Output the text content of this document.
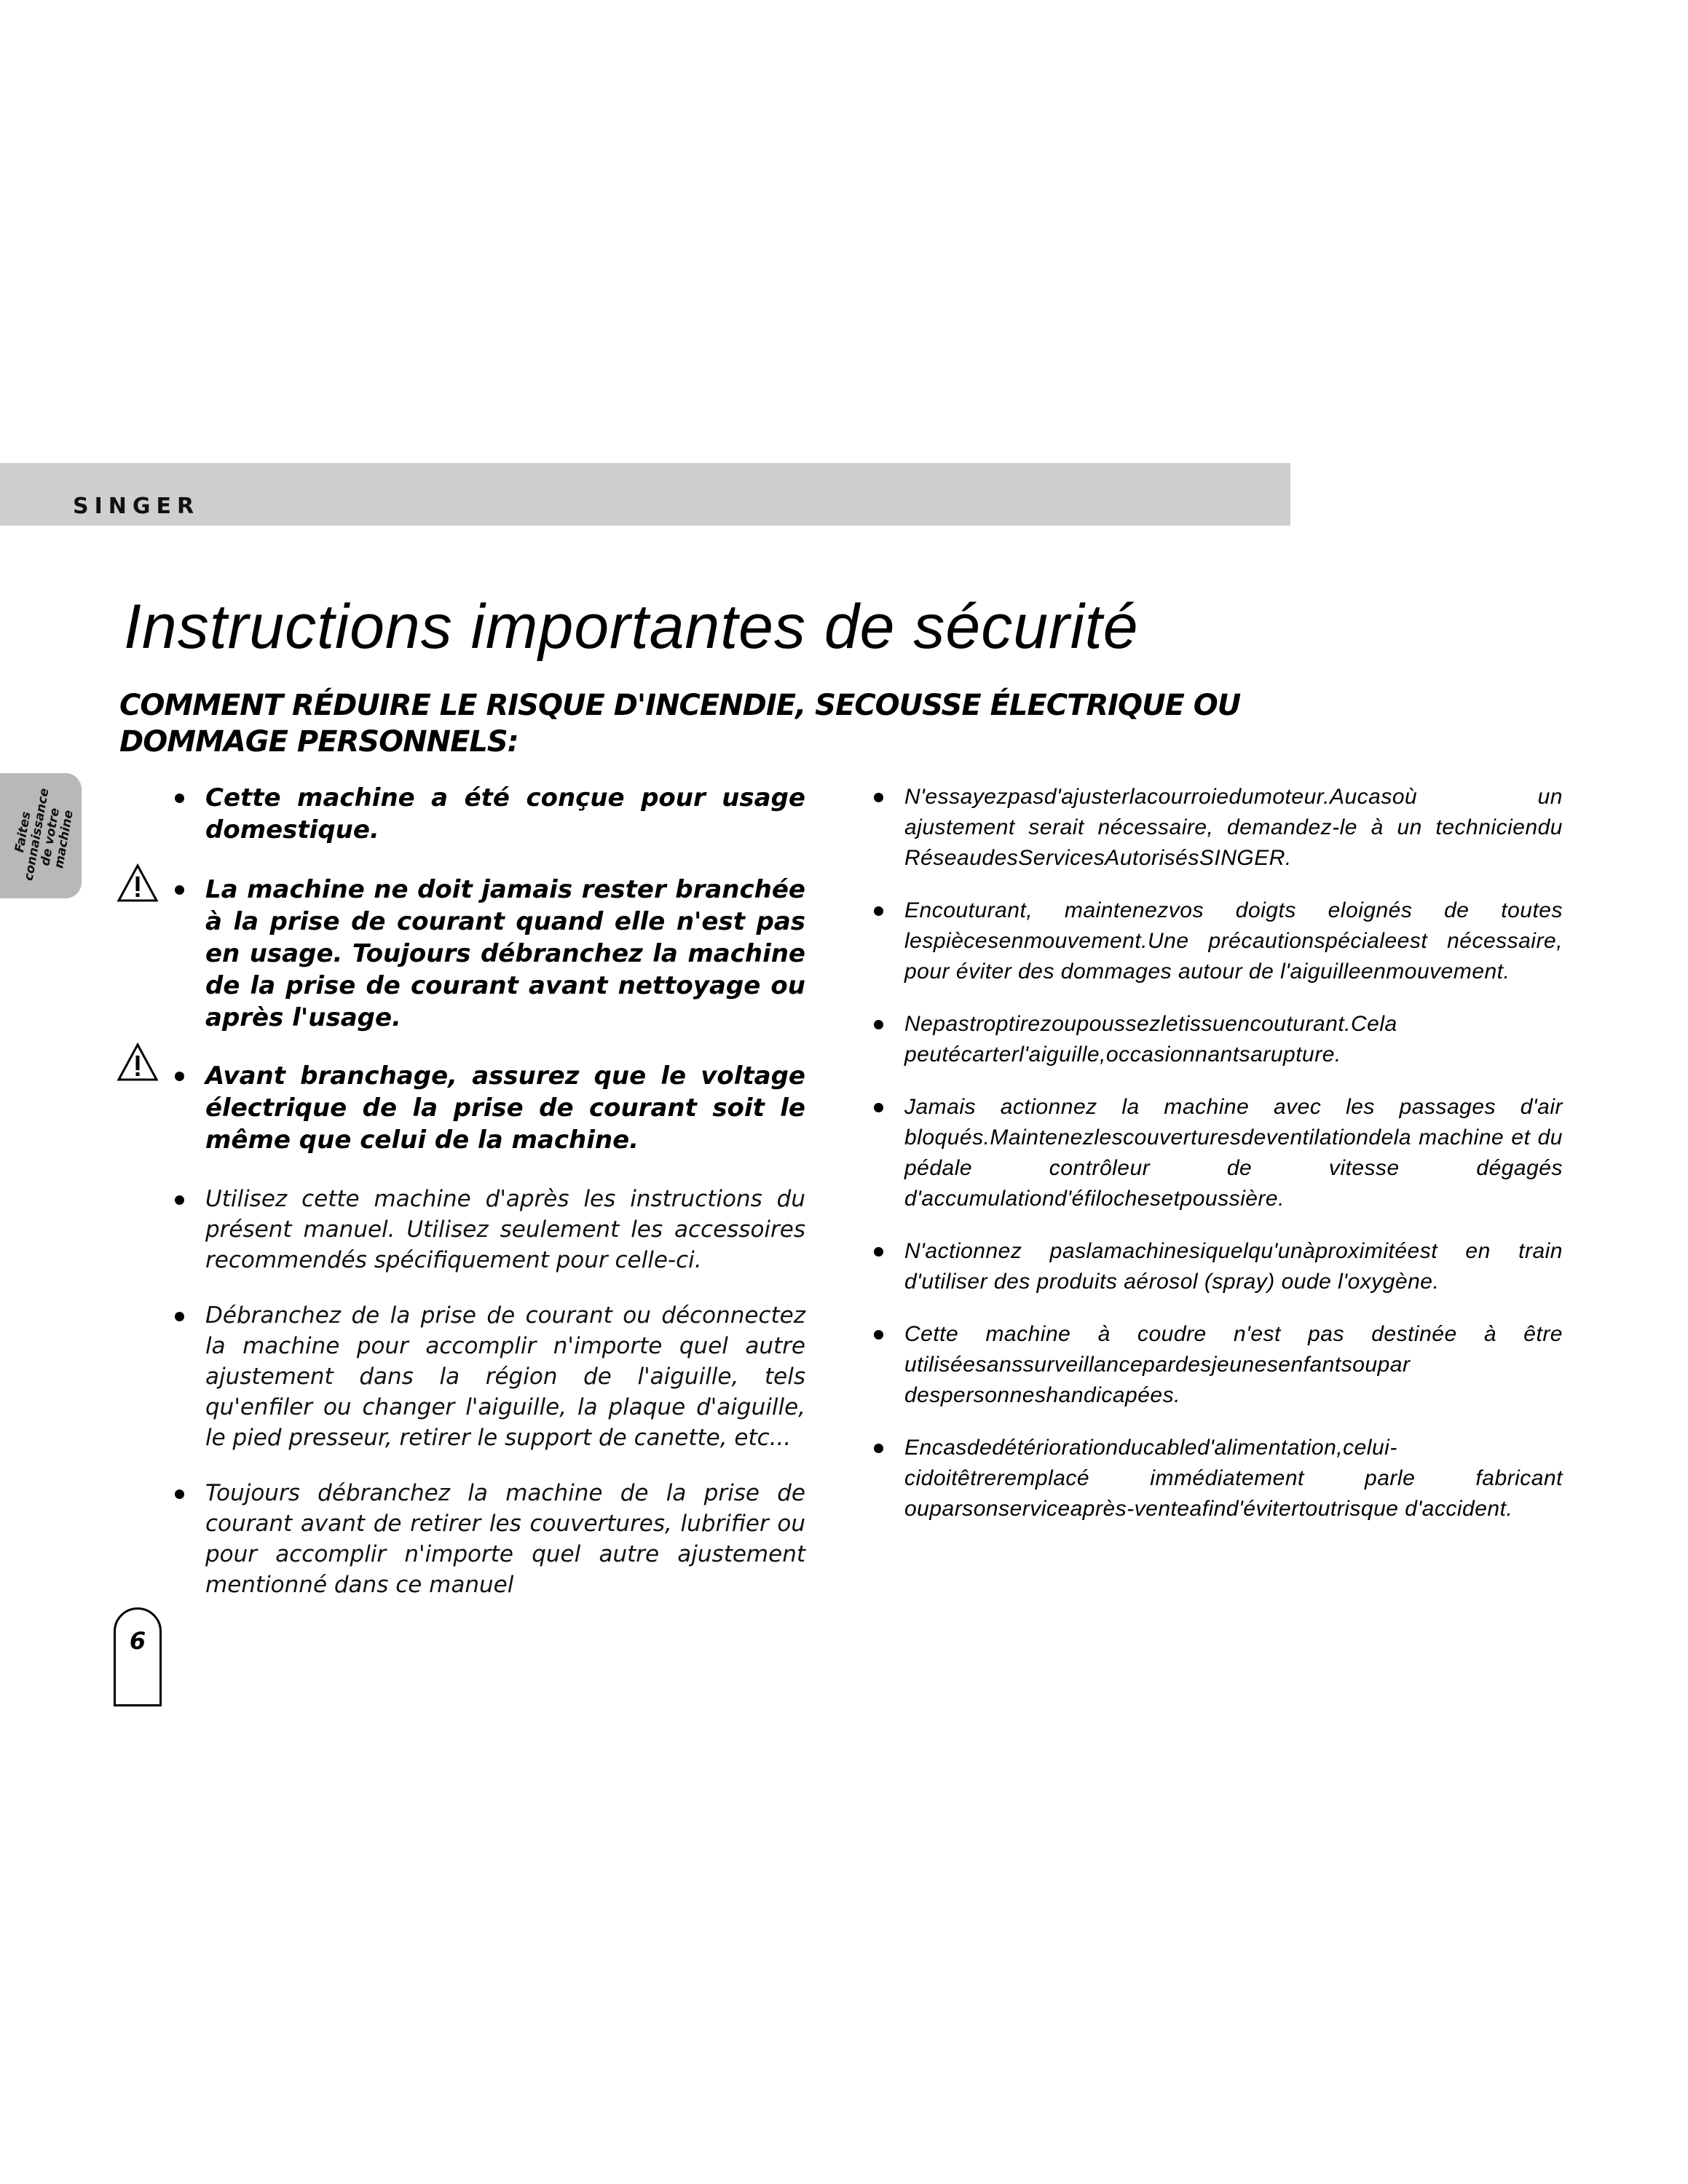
SINGER
Faites
connaissance
de votre
machine
Instructions importantes de sécurité
COMMENT RÉDUIRE LE RISQUE D'INCENDIE, SECOUSSE ÉLECTRIQUE OU DOMMAGE PERSONNELS:
Cette machine a été conçue pour usage domestique.
La machine ne doit jamais rester branchée à la prise de courant quand elle n'est pas en usage. Toujours débranchez la machine de la prise de courant avant nettoyage ou après l'usage.
Avant branchage, assurez que le voltage électrique de la prise de courant soit le même que celui de la machine.
Utilisez cette machine d'après les instructions du présent manuel. Utilisez seulement les accessoires recommendés spécifiquement pour celle-ci.
Débranchez de la prise de courant ou déconnectez la machine pour accomplir n'importe quel autre ajustement dans la région de l'aiguille, tels qu'enfiler ou changer l'aiguille, la plaque d'aiguille, le pied presseur, retirer le support de canette, etc...
Toujours débranchez la machine de la prise de courant avant de retirer les couvertures, lubrifier ou pour accomplir n'importe quel autre ajustement mentionné dans ce manuel
N'essayezpasd'ajusterlacourroiedumoteur.Aucasoù un ajustement serait nécessaire, demandez-le à un techniciendu RéseaudesServicesAutorisésSINGER.
Encouturant, maintenezvos doigts eloignés de toutes lespiècesenmouvement.Une précautionspécialeest nécessaire, pour éviter des dommages autour de l'aiguilleenmouvement.
Nepastroptirezoupoussezletissuencouturant.Cela peutécarterl'aiguille,occasionnantsarupture.
Jamais actionnez la machine avec les passages d'air bloqués.Maintenezlescouverturesdeventilationdela machine et du pédale contrôleur de vitesse dégagés d'accumulationd'éfilochesetpoussière.
N'actionnez paslamachinesiquelqu'unàproximitéest en train d'utiliser des produits aérosol (spray) oude l'oxygène.
Cette machine à coudre n'est pas destinée à être utiliséesanssurveillancepardesjeunesenfantsoupar despersonneshandicapées.
Encasdedétériorationducabled'alimentation,celui-cidoitêtreremplacé immédiatement parle fabricant ouparsonserviceaprès-venteafind'évitertoutrisque d'accident.
6
